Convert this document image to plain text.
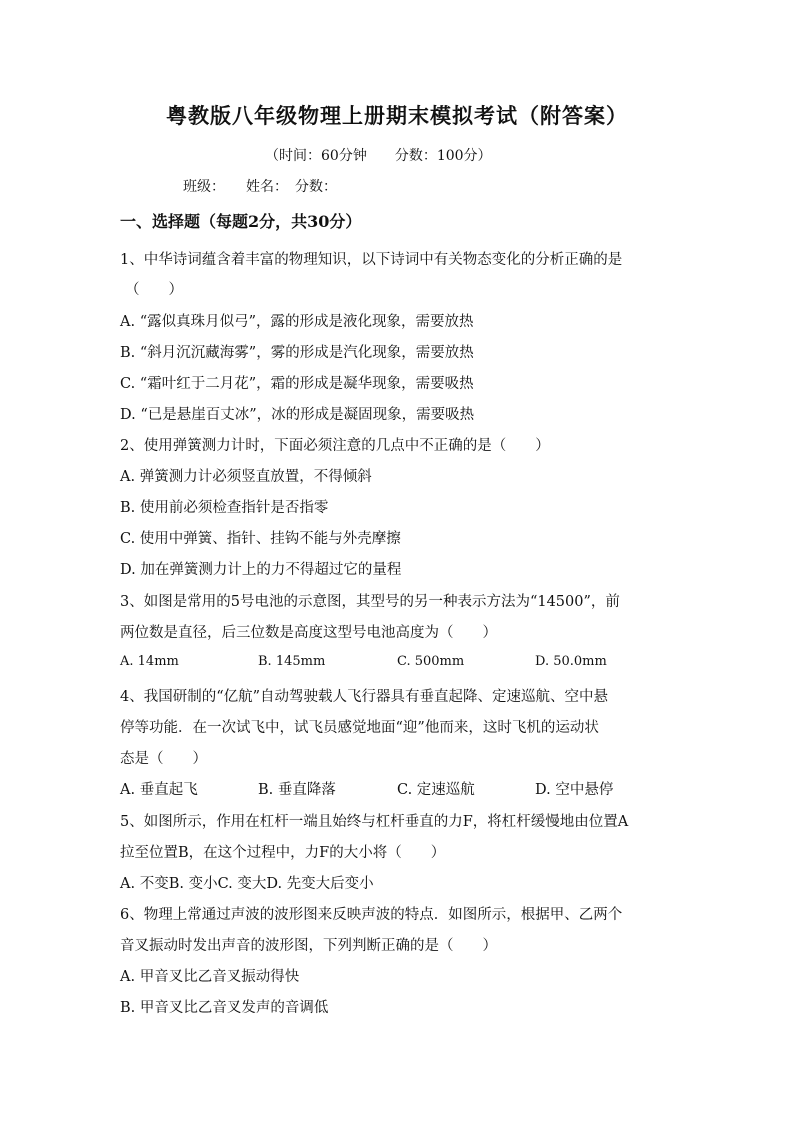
粤教版八年级物理上册期末模拟考试（附答案）
（时间：60分钟　　分数：100分）
班级：　　姓名：　分数：
一、选择题（每题2分，共30分）
1、中华诗词蕴含着丰富的物理知识，以下诗词中有关物态变化的分析正确的是
（　　）
A. “露似真珠月似弓”，露的形成是液化现象，需要放热
B. “斜月沉沉藏海雾”，雾的形成是汽化现象，需要放热
C. “霜叶红于二月花”，霜的形成是凝华现象，需要吸热
D. “已是悬崖百丈冰”，冰的形成是凝固现象，需要吸热
2、使用弹簧测力计时，下面必须注意的几点中不正确的是（　　）
A. 弹簧测力计必须竖直放置，不得倾斜
B. 使用前必须检查指针是否指零
C. 使用中弹簧、指针、挂钩不能与外壳摩擦
D. 加在弹簧测力计上的力不得超过它的量程
3、如图是常用的5号电池的示意图，其型号的另一种表示方法为“14500”，前
两位数是直径，后三位数是高度这型号电池高度为（　　）
A. 14mm	B. 145mm	C. 500mm	D. 50.0mm
4、我国研制的“亿航”自动驾驶载人飞行器具有垂直起降、定速巡航、空中悬
停等功能．在一次试飞中，试飞员感觉地面“迎”他而来，这时飞机的运动状
态是（　　）
A. 垂直起飞	B. 垂直降落	C. 定速巡航	D. 空中悬停
5、如图所示，作用在杠杆一端且始终与杠杆垂直的力F，将杠杆缓慢地由位置A
拉至位置B，在这个过程中，力F的大小将（　　）
A. 不变B. 变小C. 变大D. 先变大后变小
6、物理上常通过声波的波形图来反映声波的特点．如图所示，根据甲、乙两个
音叉振动时发出声音的波形图，下列判断正确的是（　　）
A. 甲音叉比乙音叉振动得快
B. 甲音叉比乙音叉发声的音调低
